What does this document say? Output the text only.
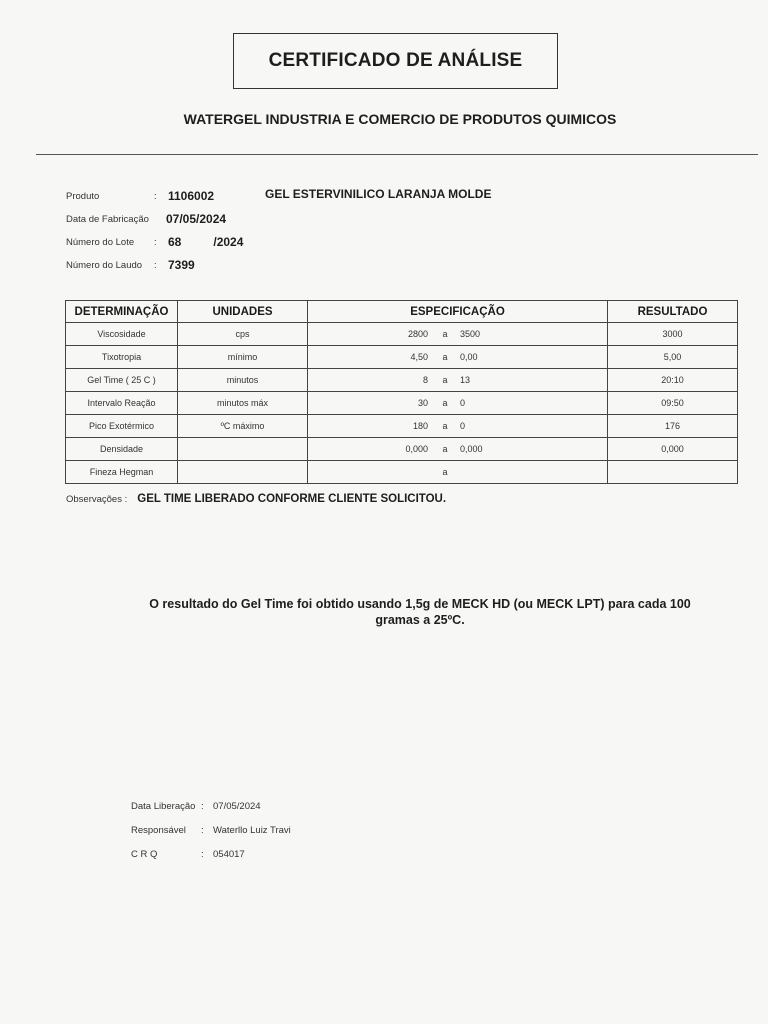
CERTIFICADO DE ANÁLISE
WATERGEL INDUSTRIA E COMERCIO DE PRODUTOS QUIMICOS
Produto	: 1106002	GEL ESTERVINILICO LARANJA MOLDE
Data de Fabricação	07/05/2024
Número do Lote	: 68	/2024
Número do Laudo	: 7399
DETERMINAÇÃO	UNIDADES	ESPECIFICAÇÃO	RESULTADO
Viscosidade	cps	2800 a 3500	3000
Tixotropia	mínimo	4,50 a 0,00	5,00
Gel Time ( 25 C )	minutos	8 a 13	20:10
Intervalo Reação	minutos máx	30 a 0	09:50
Pico Exotérmico	ºC máximo	180 a 0	176
Densidade		0,000 a 0,000	0,000
Fineza Hegman		a	

Observações : GEL TIME LIBERADO CONFORME CLIENTE SOLICITOU.
O resultado do Gel Time foi obtido usando 1,5g de MECK HD (ou MECK LPT) para cada 100
gramas a 25ºC.
Data Liberação : 07/05/2024
Responsável	: Waterllo Luiz Travi
C R Q	: 054017
